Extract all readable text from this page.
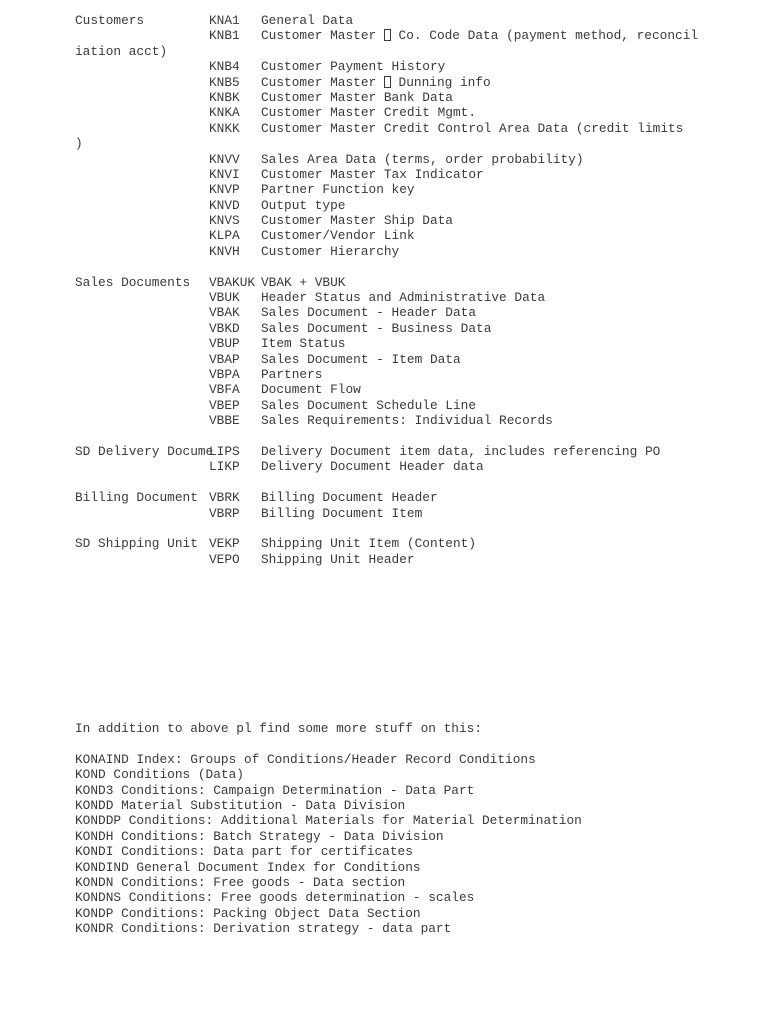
Customers	KNA1 General Data
KNB1 Customer Master  Co. Code Data (payment method, reconcil
iation acct)
KNB4 Customer Payment History
KNB5 Customer Master  Dunning info
KNBK Customer Master Bank Data
KNKA Customer Master Credit Mgmt.
KNKK Customer Master Credit Control Area Data (credit limits
)
KNVV Sales Area Data (terms, order probability)
KNVI Customer Master Tax Indicator
KNVP Partner Function key
KNVD Output type
KNVS Customer Master Ship Data
KLPA Customer/Vendor Link
KNVH Customer Hierarchy
Sales Documents VBAKUK VBAK + VBUK
VBUK Header Status and Administrative Data
VBAK Sales Document - Header Data
VBKD Sales Document - Business Data
VBUP Item Status
VBAP Sales Document - Item Data
VBPA Partners
VBFA Document Flow
VBEP Sales Document Schedule Line
VBBE Sales Requirements: Individual Records
SD Delivery Docume
LIPS Delivery Document item data, includes referencing PO
LIKP Delivery Document Header data
Billing Document VBRK Billing Document Header
VBRP Billing Document Item
SD Shipping Unit VEKP Shipping Unit Item (Content)
VEPO Shipping Unit Header
In addition to above pl find some more stuff on this:
KONAIND Index: Groups of Conditions/Header Record Conditions
KOND Conditions (Data)
KOND3 Conditions: Campaign Determination - Data Part
KONDD Material Substitution - Data Division
KONDDP Conditions: Additional Materials for Material Determination
KONDH Conditions: Batch Strategy - Data Division
KONDI Conditions: Data part for certificates
KONDIND General Document Index for Conditions
KONDN Conditions: Free goods - Data section
KONDNS Conditions: Free goods determination - scales
KONDP Conditions: Packing Object Data Section
KONDR Conditions: Derivation strategy - data part
